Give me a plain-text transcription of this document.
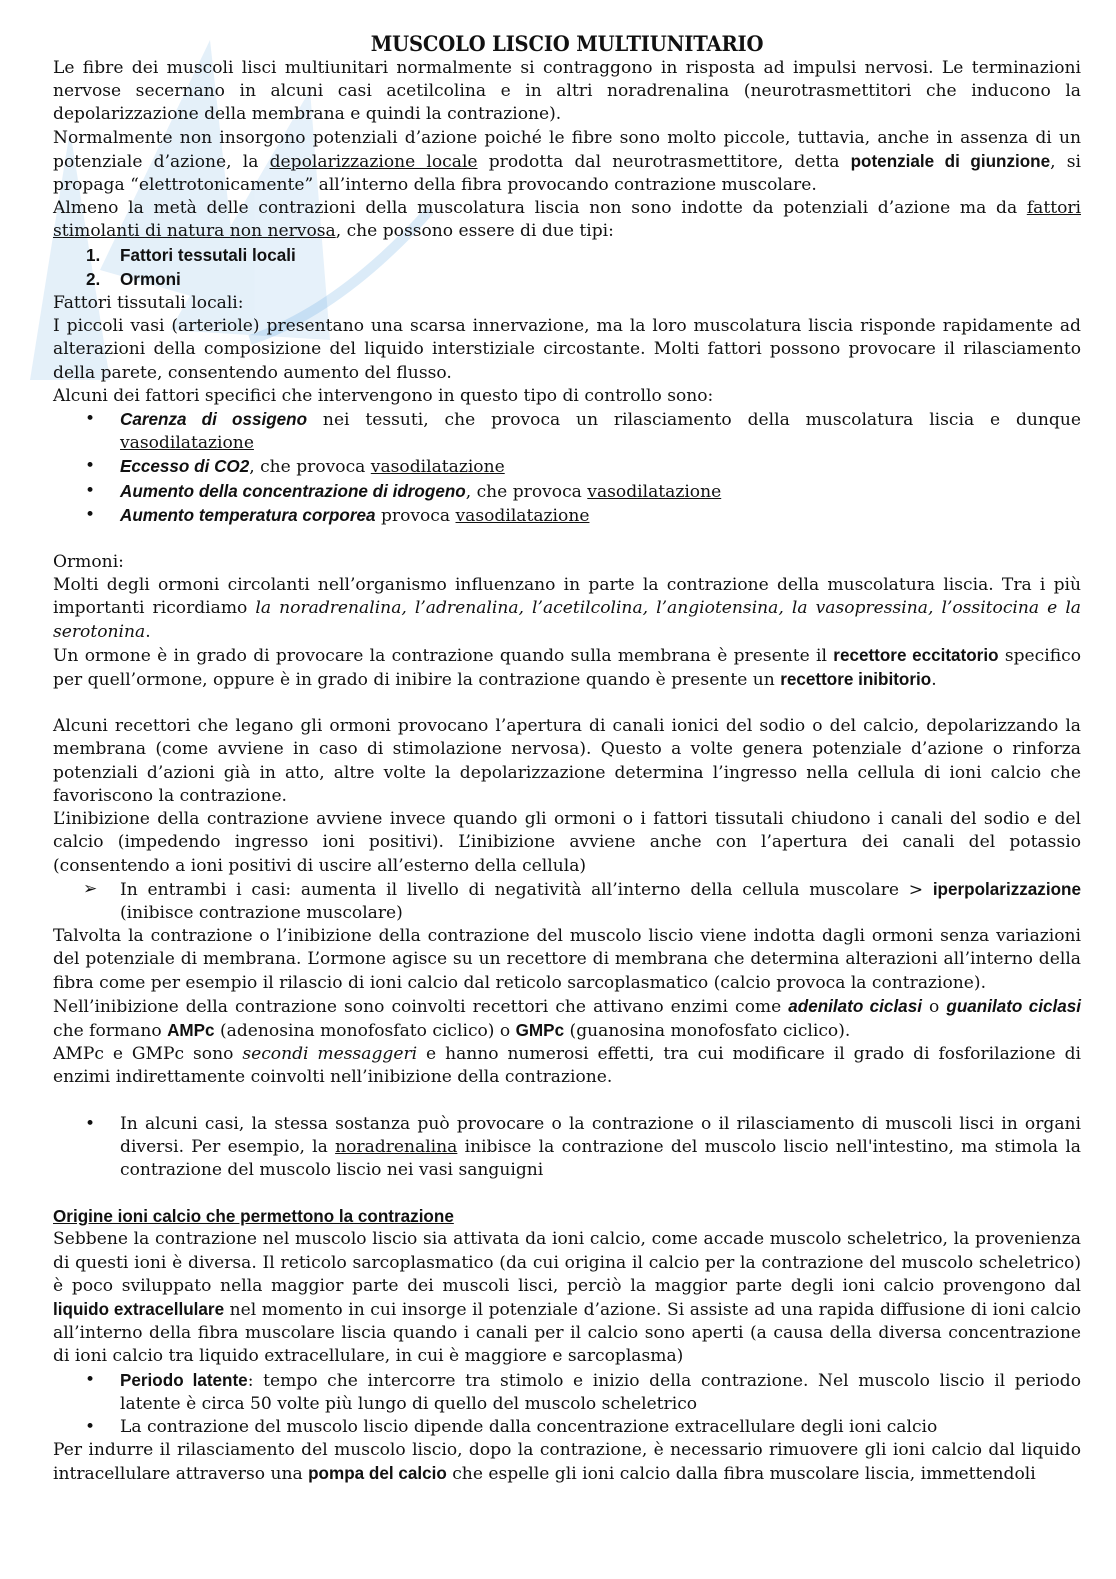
MUSCOLO LISCIO MULTIUNITARIO

Le fibre dei muscoli lisci multiunitari normalmente si contraggono in risposta ad impulsi nervosi. Le terminazioni nervose secernano in alcuni casi acetilcolina e in altri noradrenalina (neurotrasmettitori che inducono la depolarizzazione della membrana e quindi la contrazione).

Normalmente non insorgono potenziali d’azione poiché le fibre sono molto piccole, tuttavia, anche in assenza di un potenziale d’azione, la depolarizzazione locale prodotta dal neurotrasmettitore, detta potenziale di giunzione, si propaga “elettrotonicamente” all’interno della fibra provocando contrazione muscolare.

Almeno la metà delle contrazioni della muscolatura liscia non sono indotte da potenziali d’azione ma da fattori stimolanti di natura non nervosa, che possono essere di due tipi:

1. Fattori tessutali locali
2. Ormoni

Fattori tissutali locali:

I piccoli vasi (arteriole) presentano una scarsa innervazione, ma la loro muscolatura liscia risponde rapidamente ad alterazioni della composizione del liquido interstiziale circostante. Molti fattori possono provocare il rilasciamento della parete, consentendo aumento del flusso.

Alcuni dei fattori specifici che intervengono in questo tipo di controllo sono:

• Carenza di ossigeno nei tessuti, che provoca un rilasciamento della muscolatura liscia e dunque vasodilatazione
• Eccesso di CO2, che provoca vasodilatazione
• Aumento della concentrazione di idrogeno, che provoca vasodilatazione
• Aumento temperatura corporea provoca vasodilatazione

Ormoni:

Molti degli ormoni circolanti nell’organismo influenzano in parte la contrazione della muscolatura liscia. Tra i più importanti ricordiamo la noradrenalina, l’adrenalina, l’acetilcolina, l’angiotensina, la vasopressina, l’ossitocina e la serotonina.

Un ormone è in grado di provocare la contrazione quando sulla membrana è presente il recettore eccitatorio specifico per quell’ormone, oppure è in grado di inibire la contrazione quando è presente un recettore inibitorio.

Alcuni recettori che legano gli ormoni provocano l’apertura di canali ionici del sodio o del calcio, depolarizzando la membrana (come avviene in caso di stimolazione nervosa). Questo a volte genera potenziale d’azione o rinforza potenziali d’azioni già in atto, altre volte la depolarizzazione determina l’ingresso nella cellula di ioni calcio che favoriscono la contrazione.

L’inibizione della contrazione avviene invece quando gli ormoni o i fattori tissutali chiudono i canali del sodio e del calcio (impedendo ingresso ioni positivi). L’inibizione avviene anche con l’apertura dei canali del potassio (consentendo a ioni positivi di uscire all’esterno della cellula)

➢ In entrambi i casi: aumenta il livello di negatività all’interno della cellula muscolare > iperpolarizzazione (inibisce contrazione muscolare)

Talvolta la contrazione o l’inibizione della contrazione del muscolo liscio viene indotta dagli ormoni senza variazioni del potenziale di membrana. L’ormone agisce su un recettore di membrana che determina alterazioni all’interno della fibra come per esempio il rilascio di ioni calcio dal reticolo sarcoplasmatico (calcio provoca la contrazione).

Nell’inibizione della contrazione sono coinvolti recettori che attivano enzimi come adenilato ciclasi o guanilato ciclasi che formano AMPc (adenosina monofosfato ciclico) o GMPc (guanosina monofosfato ciclico).

AMPc e GMPc sono secondi messaggeri e hanno numerosi effetti, tra cui modificare il grado di fosforilazione di enzimi indirettamente coinvolti nell’inibizione della contrazione.

• In alcuni casi, la stessa sostanza può provocare o la contrazione o il rilasciamento di muscoli lisci in organi diversi. Per esempio, la noradrenalina inibisce la contrazione del muscolo liscio nell'intestino, ma stimola la contrazione del muscolo liscio nei vasi sanguigni
Origine ioni calcio che permettono la contrazione

Sebbene la contrazione nel muscolo liscio sia attivata da ioni calcio, come accade muscolo scheletrico, la provenienza di questi ioni è diversa. Il reticolo sarcoplasmatico (da cui origina il calcio per la contrazione del muscolo scheletrico) è poco sviluppato nella maggior parte dei muscoli lisci, perciò la maggior parte degli ioni calcio provengono dal liquido extracellulare nel momento in cui insorge il potenziale d’azione. Si assiste ad una rapida diffusione di ioni calcio all’interno della fibra muscolare liscia quando i canali per il calcio sono aperti (a causa della diversa concentrazione di ioni calcio tra liquido extracellulare, in cui è maggiore e sarcoplasma)

• Periodo latente: tempo che intercorre tra stimolo e inizio della contrazione. Nel muscolo liscio il periodo latente è circa 50 volte più lungo di quello del muscolo scheletrico
• La contrazione del muscolo liscio dipende dalla concentrazione extracellulare degli ioni calcio

Per indurre il rilasciamento del muscolo liscio, dopo la contrazione, è necessario rimuovere gli ioni calcio dal liquido intracellulare attraverso una pompa del calcio che espelle gli ioni calcio dalla fibra muscolare liscia, immettendoli
